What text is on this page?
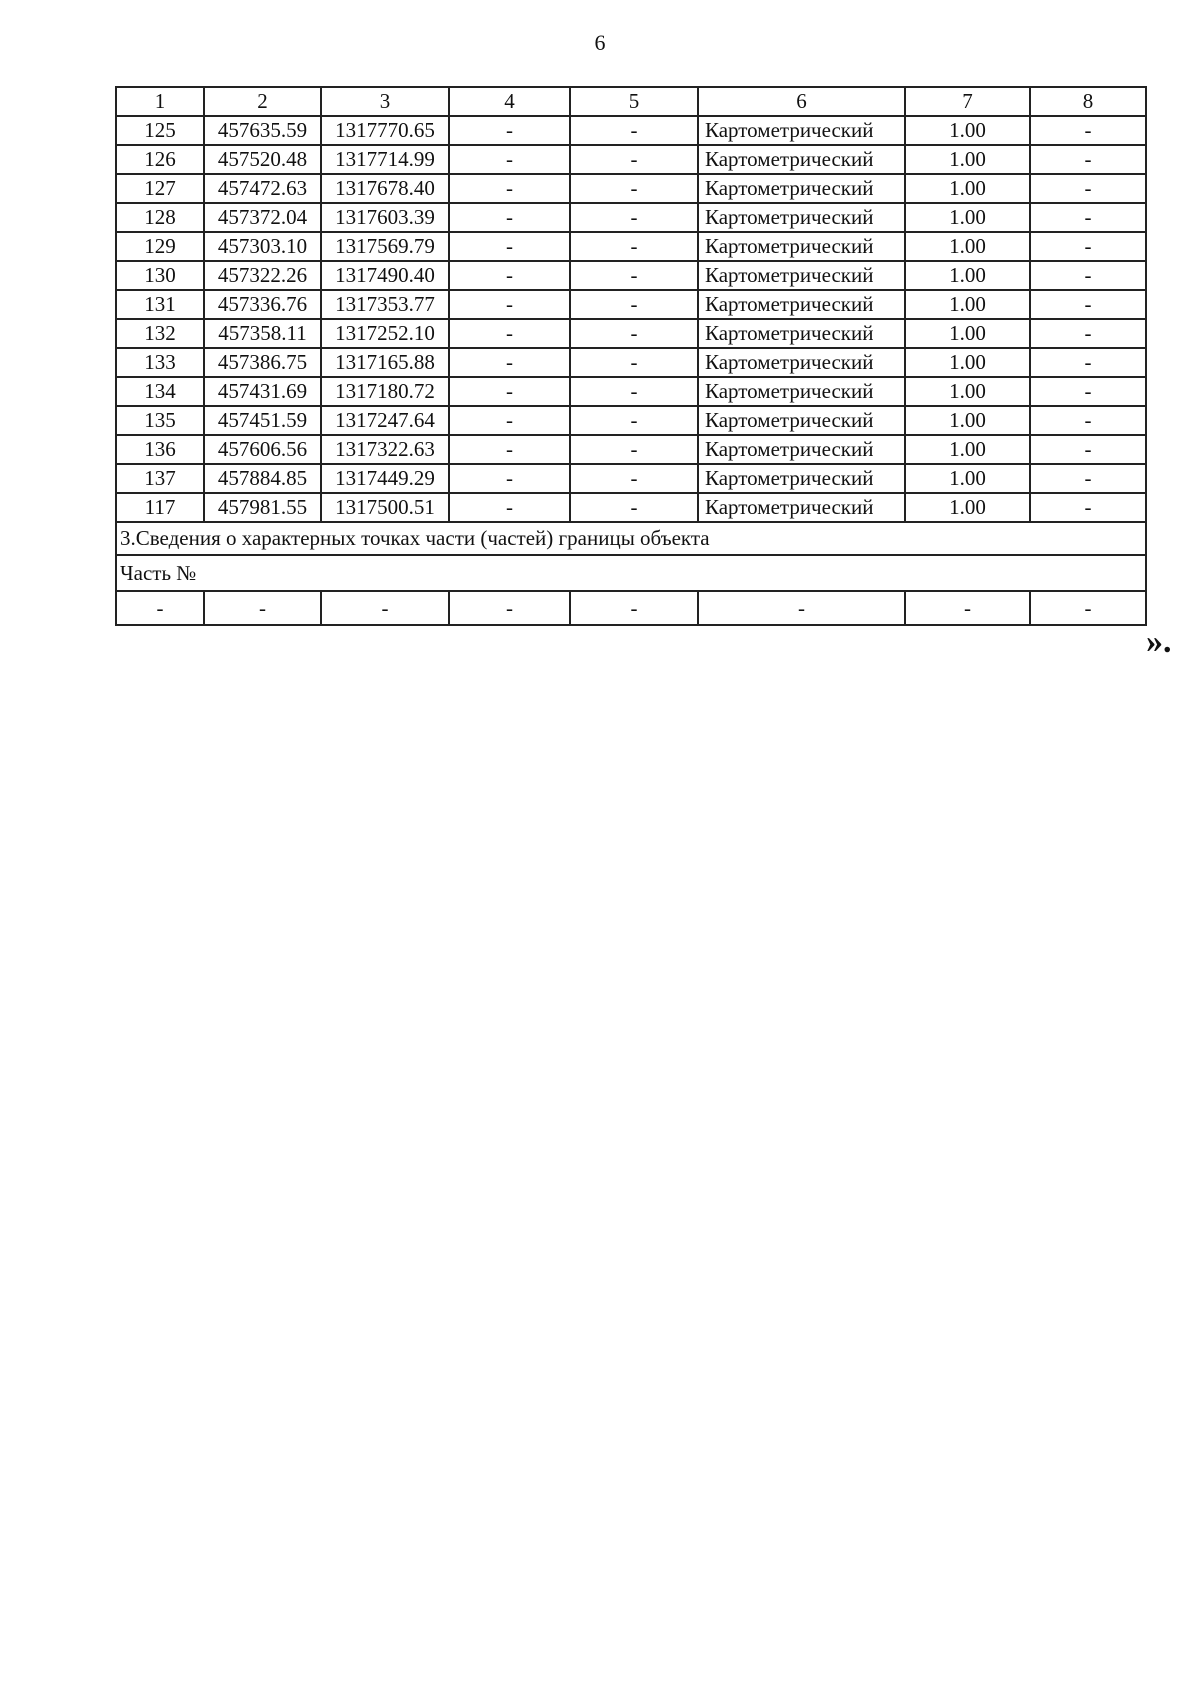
6
1	2	3	4	5	6	7	8
125	457635.59	1317770.65	-	-	Картометрический	1.00	-
126	457520.48	1317714.99	-	-	Картометрический	1.00	-
127	457472.63	1317678.40	-	-	Картометрический	1.00	-
128	457372.04	1317603.39	-	-	Картометрический	1.00	-
129	457303.10	1317569.79	-	-	Картометрический	1.00	-
130	457322.26	1317490.40	-	-	Картометрический	1.00	-
131	457336.76	1317353.77	-	-	Картометрический	1.00	-
132	457358.11	1317252.10	-	-	Картометрический	1.00	-
133	457386.75	1317165.88	-	-	Картометрический	1.00	-
134	457431.69	1317180.72	-	-	Картометрический	1.00	-
135	457451.59	1317247.64	-	-	Картометрический	1.00	-
136	457606.56	1317322.63	-	-	Картометрический	1.00	-
137	457884.85	1317449.29	-	-	Картометрический	1.00	-
117	457981.55	1317500.51	-	-	Картометрический	1.00	-
3.Сведения о характерных точках части (частей) границы объекта							
Часть №							
-	-	-	-	-	-	-	-
».
